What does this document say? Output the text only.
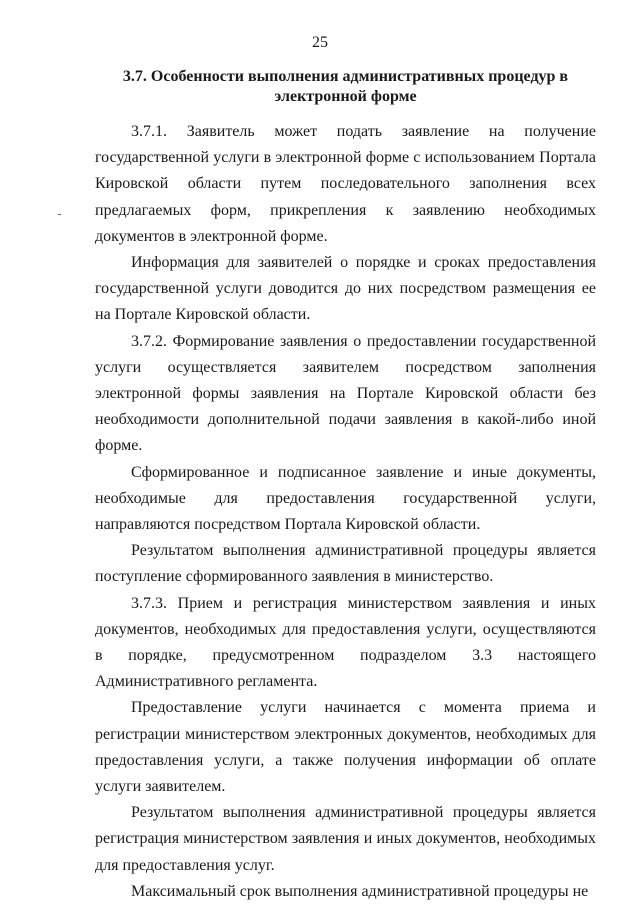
25
3.7. Особенности выполнения административных процедур в электронной форме

3.7.1. Заявитель может подать заявление на получение государственной услуги в электронной форме с использованием Портала Кировской области путем последовательного заполнения всех предлагаемых форм, прикрепления к заявлению необходимых документов в электронной форме.

Информация для заявителей о порядке и сроках предоставления государственной услуги доводится до них посредством размещения ее на Портале Кировской области.

3.7.2. Формирование заявления о предоставлении государственной услуги осуществляется заявителем посредством заполнения электронной формы заявления на Портале Кировской области без необходимости дополнительной подачи заявления в какой-либо иной форме.

Сформированное и подписанное заявление и иные документы, необходимые для предоставления государственной услуги, направляются посредством Портала Кировской области.

Результатом выполнения административной процедуры является поступление сформированного заявления в министерство.

3.7.3. Прием и регистрация министерством заявления и иных документов, необходимых для предоставления услуги, осуществляются в порядке, предусмотренном подразделом 3.3 настоящего Административного регламента.

Предоставление услуги начинается с момента приема и регистрации министерством электронных документов, необходимых для предоставления услуги, а также получения информации об оплате услуги заявителем.

Результатом выполнения административной процедуры является регистрация министерством заявления и иных документов, необходимых для предоставления услуг.

Максимальный срок выполнения административной процедуры не
